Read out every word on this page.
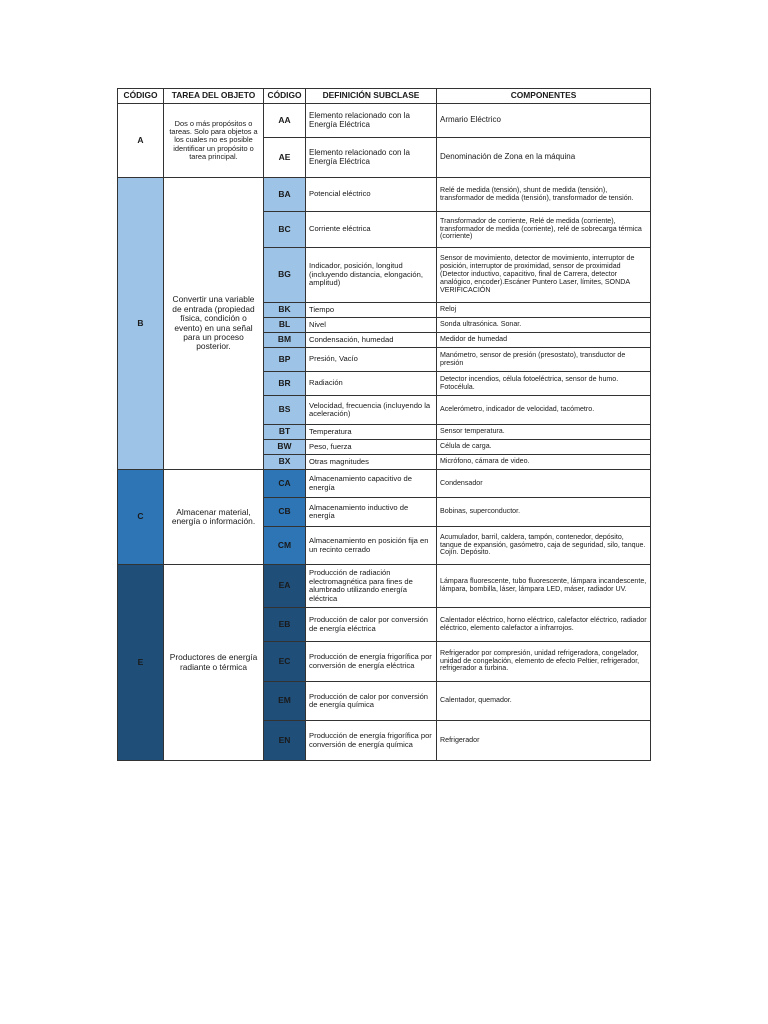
CÓDIGO	TAREA DEL OBJETO	CÓDIGO	DEFINICIÓN SUBCLASE	COMPONENTES
A	Dos o más propósitos o tareas. Solo para objetos a los cuales no es posible identificar un propósito o tarea principal.	AA	Elemento relacionado con la Energía Eléctrica	Armario Eléctrico
		AE	Elemento relacionado con la Energía Eléctrica	Denominación de Zona en la máquina
B	Convertir una variable de entrada (propiedad física, condición o evento) en una señal para un proceso posterior.	BA	Potencial eléctrico	Relé de medida (tensión), shunt de medida (tensión), transformador de medida (tensión), transformador de tensión.
		BC	Corriente eléctrica	Transformador de corriente, Relé de medida (corriente), transformador de medida (corriente), relé de sobrecarga térmica (corriente)
		BG	Indicador, posición, longitud (incluyendo distancia, elongación, amplitud)	Sensor de movimiento, detector de movimiento, interruptor de posición, interruptor de proximidad, sensor de proximidad (Detector inductivo, capacitivo, final de Carrera, detector analógico, encoder).Escáner Puntero Laser, límites, SONDA VERIFICACIÓN
		BK	Tiempo	Reloj
		BL	Nivel	Sonda ultrasónica. Sonar.
		BM	Condensación, humedad	Medidor de humedad
		BP	Presión, Vacío	Manómetro, sensor de presión (presostato), transductor de presión
		BR	Radiación	Detector incendios, célula fotoeléctrica, sensor de humo. Fotocélula.
		BS	Velocidad, frecuencia (incluyendo la aceleración)	Acelerómetro, indicador de velocidad, tacómetro.
		BT	Temperatura	Sensor temperatura.
		BW	Peso, fuerza	Célula de carga.
		BX	Otras magnitudes	Micrófono, cámara de video.
C	Almacenar material, energía o información.	CA	Almacenamiento capacitivo de energía	Condensador
		CB	Almacenamiento inductivo de energía	Bobinas, superconductor.
		CM	Almacenamiento en posición fija en un recinto cerrado	Acumulador, barril, caldera, tampón, contenedor, depósito, tanque de expansión, gasómetro, caja de seguridad, silo, tanque. Cojín. Depósito.
E	Productores de energía radiante o térmica	EA	Producción de radiación electromagnética para fines de alumbrado utilizando energía eléctrica	Lámpara fluorescente, tubo fluorescente, lámpara incandescente, lámpara, bombilla, láser, lámpara LED, máser, radiador UV.
		EB	Producción de calor por conversión de energía eléctrica	Calentador eléctrico, horno eléctrico, calefactor eléctrico, radiador eléctrico, elemento calefactor a infrarrojos.
		EC	Producción de energía frigorífica por conversión de energía eléctrica	Refrigerador por compresión, unidad refrigeradora, congelador, unidad de congelación, elemento de efecto Peltier, refrigerador, refrigerador a turbina.
		EM	Producción de calor por conversión de energía química	Calentador, quemador.
		EN	Producción de energía frigorífica por conversión de energía química	Refrigerador
